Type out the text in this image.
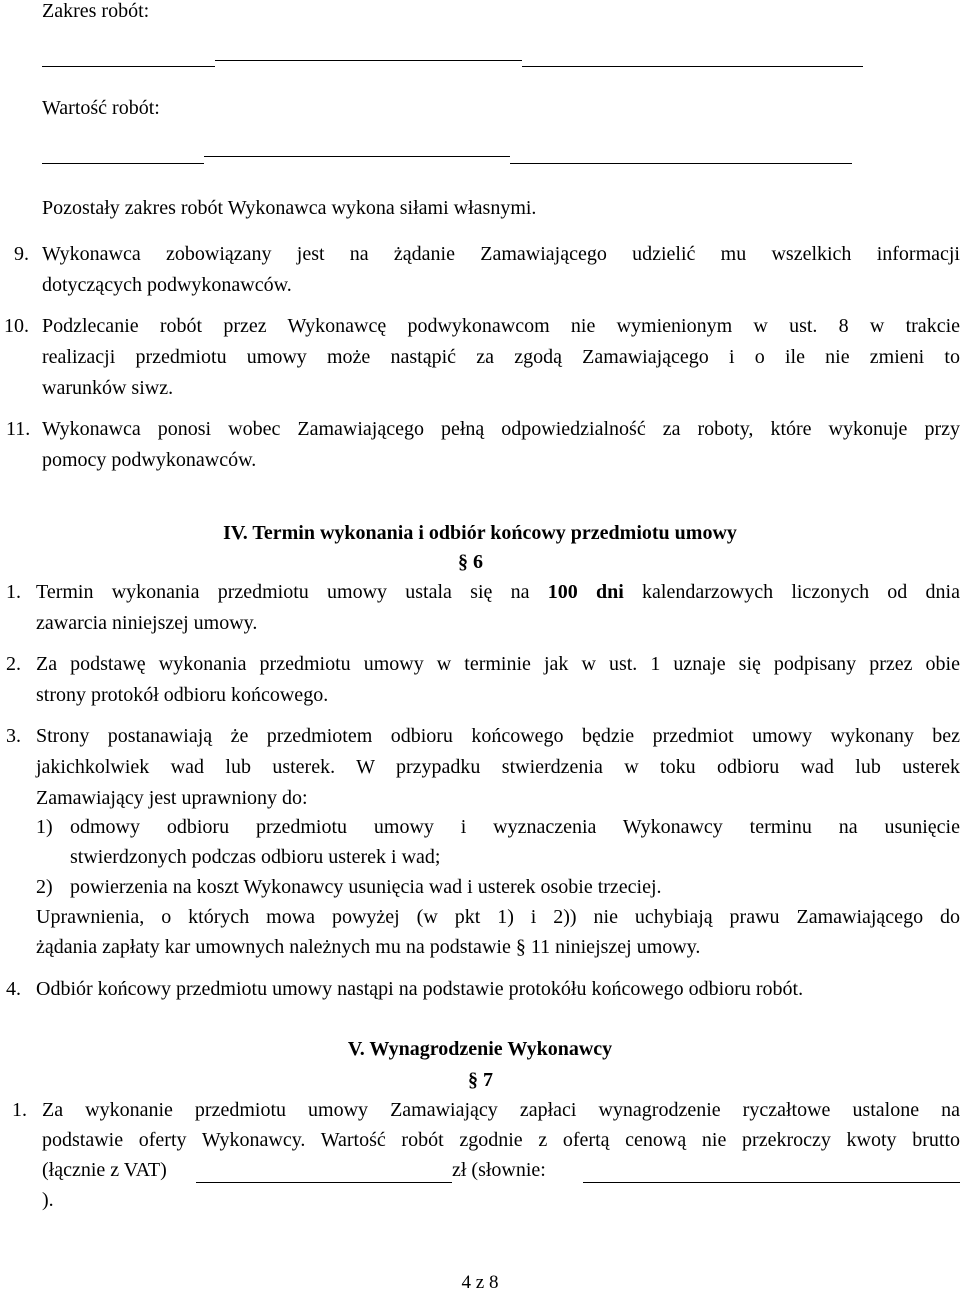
Zakres robót:
Wartość robót:
Pozostały zakres robót Wykonawca wykona siłami własnymi.
9. Wykonawca zobowiązany jest na żądanie Zamawiającego udzielić mu wszelkich informacji
dotyczących podwykonawców.
10. Podzlecanie robót przez Wykonawcę podwykonawcom nie wymienionym w ust. 8 w trakcie
realizacji przedmiotu umowy może nastąpić za zgodą Zamawiającego i o ile nie zmieni to
warunków siwz.
11. Wykonawca ponosi wobec Zamawiającego pełną odpowiedzialność za roboty, które wykonuje przy
pomocy podwykonawców.
IV. Termin wykonania i odbiór końcowy przedmiotu umowy
§ 6
1. Termin wykonania przedmiotu umowy ustala się na 100 dni kalendarzowych liczonych od dnia
zawarcia niniejszej umowy.
2. Za podstawę wykonania przedmiotu umowy w terminie jak w ust. 1 uznaje się podpisany przez obie
strony protokół odbioru końcowego.
3. Strony postanawiają że przedmiotem odbioru końcowego będzie przedmiot umowy wykonany bez
jakichkolwiek wad lub usterek. W przypadku stwierdzenia w toku odbioru wad lub usterek
Zamawiający jest uprawniony do:
1) odmowy odbioru przedmiotu umowy i wyznaczenia Wykonawcy terminu na usunięcie
stwierdzonych podczas odbioru usterek i wad;
2) powierzenia na koszt Wykonawcy usunięcia wad i usterek osobie trzeciej.
Uprawnienia, o których mowa powyżej (w pkt 1) i 2)) nie uchybiają prawu Zamawiającego do
żądania zapłaty kar umownych należnych mu na podstawie § 11 niniejszej umowy.
4. Odbiór końcowy przedmiotu umowy nastąpi na podstawie protokółu końcowego odbioru robót.
V. Wynagrodzenie Wykonawcy
§ 7
1. Za wykonanie przedmiotu umowy Zamawiający zapłaci wynagrodzenie ryczałtowe ustalone na
podstawie oferty Wykonawcy. Wartość robót zgodnie z ofertą cenową nie przekroczy kwoty brutto
(łącznie z VAT)	zł (słownie:
).
4 z 8
